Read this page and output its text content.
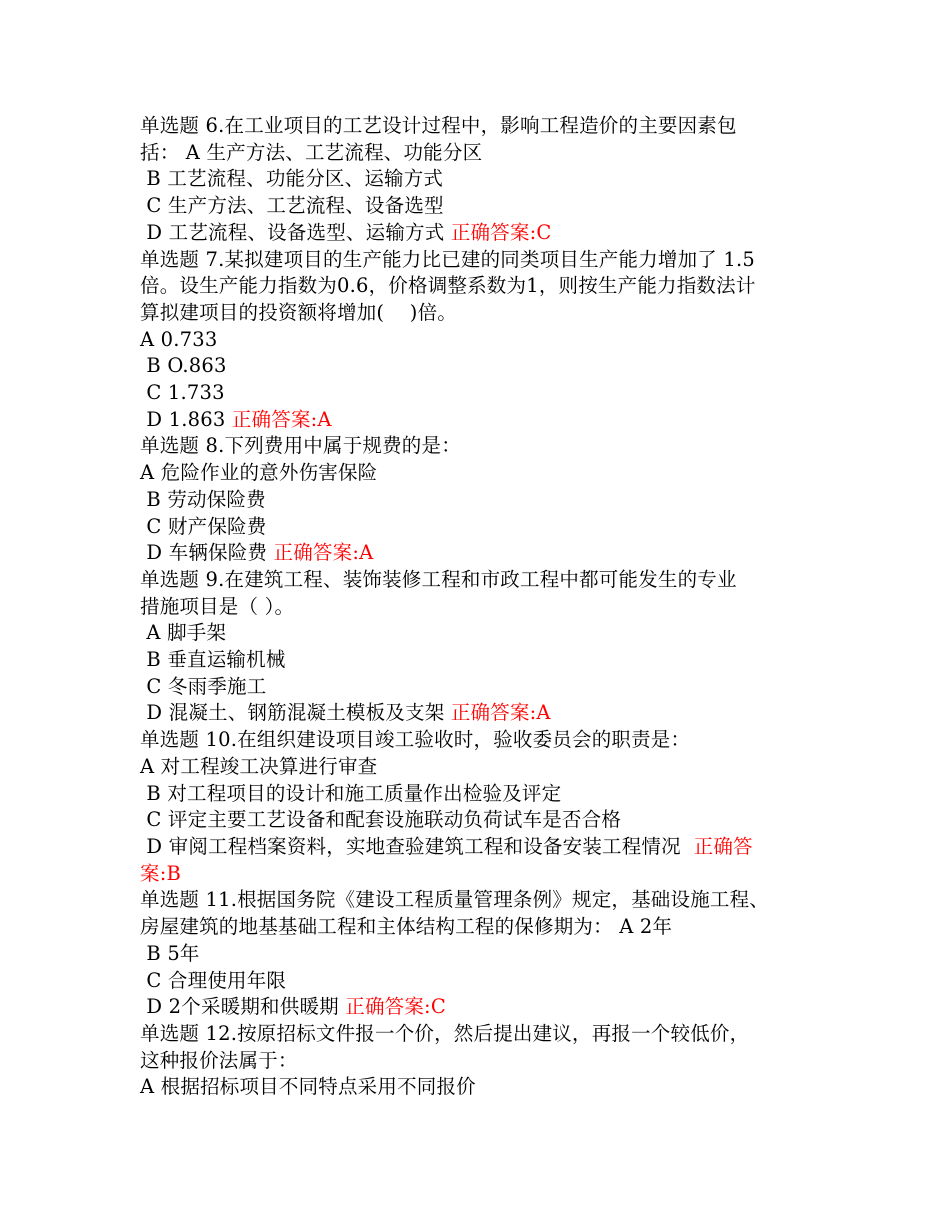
单选题 6.在工业项目的工艺设计过程中，影响工程造价的主要因素包
括： A 生产方法、工艺流程、功能分区
B 工艺流程、功能分区、运输方式
C 生产方法、工艺流程、设备选型
D 工艺流程、设备选型、运输方式 正确答案:C
单选题 7.某拟建项目的生产能力比已建的同类项目生产能力增加了 1.5
倍。设生产能力指数为0.6，价格调整系数为1，则按生产能力指数法计
算拟建项目的投资额将增加(    )倍。
A 0.733
B O.863
C 1.733
D 1.863 正确答案:A
单选题 8.下列费用中属于规费的是：
A 危险作业的意外伤害保险
B 劳动保险费
C 财产保险费
D 车辆保险费 正确答案:A
单选题 9.在建筑工程、装饰装修工程和市政工程中都可能发生的专业
措施项目是（ ）。
A 脚手架
B 垂直运输机械
C 冬雨季施工
D 混凝土、钢筋混凝土模板及支架 正确答案:A
单选题 10.在组织建设项目竣工验收时，验收委员会的职责是：
A 对工程竣工决算进行审查
B 对工程项目的设计和施工质量作出检验及评定
C 评定主要工艺设备和配套设施联动负荷试车是否合格
D 审阅工程档案资料，实地查验建筑工程和设备安装工程情况  正确答
案:B
单选题 11.根据国务院《建设工程质量管理条例》规定，基础设施工程、
房屋建筑的地基基础工程和主体结构工程的保修期为： A 2年
B 5年
C 合理使用年限
D 2个采暖期和供暖期 正确答案:C
单选题 12.按原招标文件报一个价，然后提出建议，再报一个较低价，
这种报价法属于：
A 根据招标项目不同特点采用不同报价
